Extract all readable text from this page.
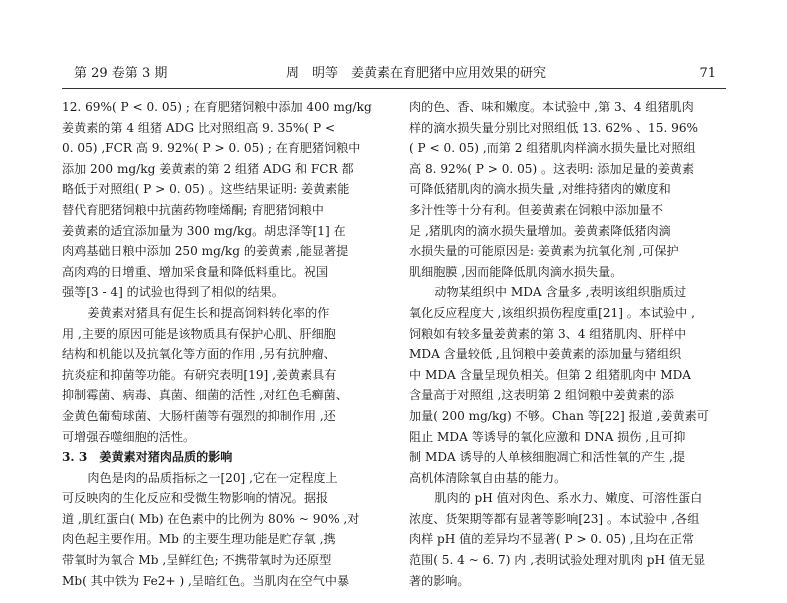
第 29 卷第 3 期	周　明等　姜黄素在育肥猪中应用效果的研究	71
12. 69%( P < 0. 05) ; 在育肥猪饲粮中添加 400 mg/kg
姜黄素的第 4 组猪 ADG 比对照组高 9. 35%( P <
0. 05) ,FCR 高 9. 92%( P > 0. 05) ; 在育肥猪饲粮中
添加 200 mg/kg 姜黄素的第 2 组猪 ADG 和 FCR 都
略低于对照组( P > 0. 05) 。这些结果证明: 姜黄素能
替代育肥猪饲粮中抗菌药物喹烯酮; 育肥猪饲粮中
姜黄素的适宜添加量为 300 mg/kg。胡忠泽等[1] 在
肉鸡基础日粮中添加 250 mg/kg 的姜黄素 ,能显著提
高肉鸡的日增重、增加采食量和降低料重比。祝国
强等[3 - 4] 的试验也得到了相似的结果。
姜黄素对猪具有促生长和提高饲料转化率的作
用 ,主要的原因可能是该物质具有保护心肌、肝细胞
结构和机能以及抗氧化等方面的作用 ,另有抗肿瘤、
抗炎症和抑菌等功能。有研究表明[19] ,姜黄素具有
抑制霉菌、病毒、真菌、细菌的活性 ,对红色毛癣菌、
金黄色葡萄球菌、大肠杆菌等有强烈的抑制作用 ,还
可增强吞噬细胞的活性。
3. 3　姜黄素对猪肉品质的影响
肉色是肉的品质指标之一[20] ,它在一定程度上
可反映肉的生化反应和受微生物影响的情况。据报
道 ,肌红蛋白( Mb) 在色素中的比例为 80% ~ 90% ,对
肉色起主要作用。Mb 的主要生理功能是贮存氧 ,携
带氧时为氧合 Mb ,呈鲜红色; 不携带氧时为还原型
Mb( 其中铁为 Fe2+ ) ,呈暗红色。当肌肉在空气中暴
肉的色、香、味和嫩度。本试验中 ,第 3、4 组猪肌肉
样的滴水损失量分别比对照组低 13. 62% 、15. 96%
( P < 0. 05) ,而第 2 组猪肌肉样滴水损失量比对照组
高 8. 92%( P > 0. 05) 。这表明: 添加足量的姜黄素
可降低猪肌肉的滴水损失量 ,对维持猪肉的嫩度和
多汁性等十分有利。但姜黄素在饲粮中添加量不
足 ,猪肌肉的滴水损失量增加。姜黄素降低猪肉滴
水损失量的可能原因是: 姜黄素为抗氧化剂 ,可保护
肌细胞膜 ,因而能降低肌肉滴水损失量。
动物某组织中 MDA 含量多 ,表明该组织脂质过
氧化反应程度大 ,该组织损伤程度重[21] 。本试验中 ,
饲粮如有较多量姜黄素的第 3、4 组猪肌肉、肝样中
MDA 含量较低 ,且饲粮中姜黄素的添加量与猪组织
中 MDA 含量呈现负相关。但第 2 组猪肌肉中 MDA
含量高于对照组 ,这表明第 2 组饲粮中姜黄素的添
加量( 200 mg/kg) 不够。Chan 等[22] 报道 ,姜黄素可
阻止 MDA 等诱导的氧化应激和 DNA 损伤 ,且可抑
制 MDA 诱导的人单核细胞凋亡和活性氧的产生 ,提
高机体清除氧自由基的能力。
肌肉的 pH 值对肉色、系水力、嫩度、可溶性蛋白
浓度、货架期等都有显著等影响[23] 。本试验中 ,各组
肉样 pH 值的差异均不显著( P > 0. 05) ,且均在正常
范围( 5. 4 ~ 6. 7) 内 ,表明试验处理对肌肉 pH 值无显
著的影响。
